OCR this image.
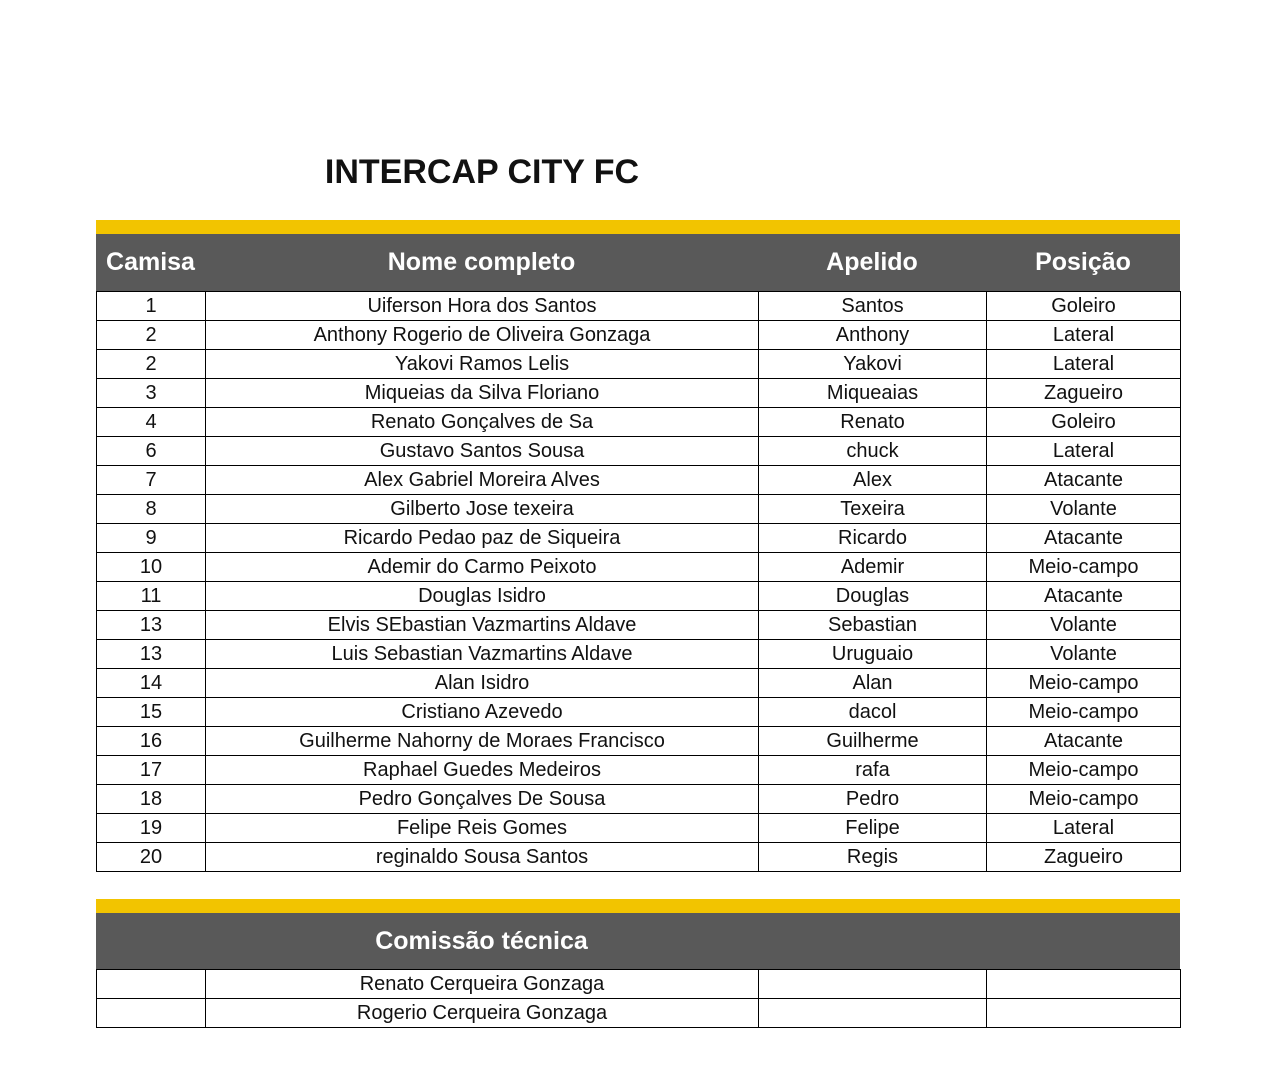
INTERCAP CITY FC
Camisa	Nome completo	Apelido	Posição
1	Uiferson Hora dos Santos	Santos	Goleiro
2	Anthony Rogerio de Oliveira Gonzaga	Anthony	Lateral
2	Yakovi Ramos Lelis	Yakovi	Lateral
3	Miqueias da Silva Floriano	Miqueaias	Zagueiro
4	Renato Gonçalves de Sa	Renato	Goleiro
6	Gustavo Santos Sousa	chuck	Lateral
7	Alex Gabriel Moreira Alves	Alex	Atacante
8	Gilberto Jose texeira	Texeira	Volante
9	Ricardo Pedao paz de Siqueira	Ricardo	Atacante
10	Ademir do Carmo Peixoto	Ademir	Meio-campo
11	Douglas Isidro	Douglas	Atacante
13	Elvis SEbastian Vazmartins Aldave	Sebastian	Volante
13	Luis Sebastian Vazmartins Aldave	Uruguaio	Volante
14	Alan Isidro	Alan	Meio-campo
15	Cristiano Azevedo	dacol	Meio-campo
16	Guilherme Nahorny de Moraes Francisco	Guilherme	Atacante
17	Raphael Guedes Medeiros	rafa	Meio-campo
18	Pedro Gonçalves De Sousa	Pedro	Meio-campo
19	Felipe Reis Gomes	Felipe	Lateral
20	reginaldo Sousa Santos	Regis	Zagueiro
Comissão técnica
	Renato Cerqueira Gonzaga		
	Rogerio Cerqueira Gonzaga		
